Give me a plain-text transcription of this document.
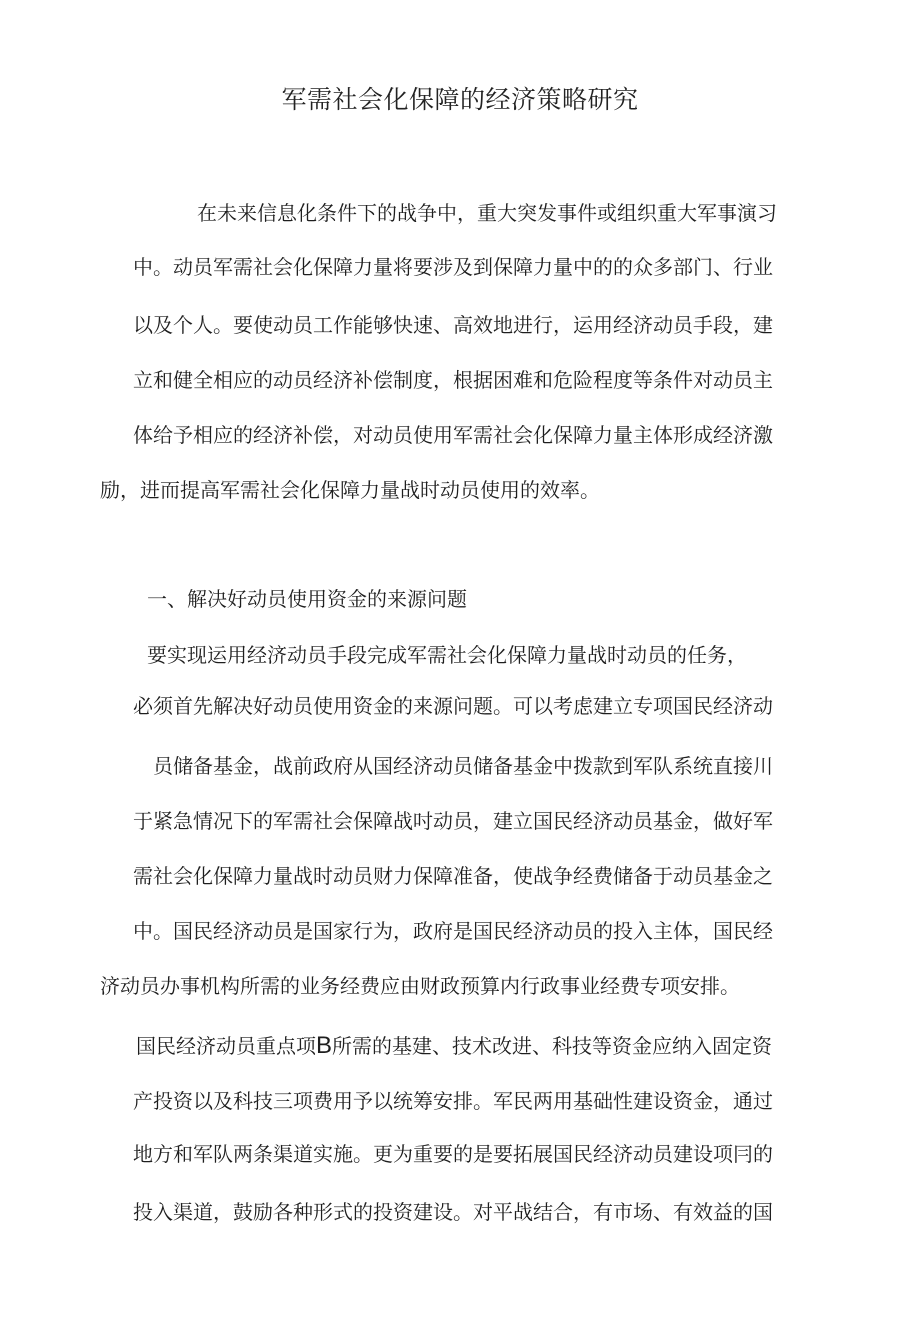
军需社会化保障的经济策略研究
在未来信息化条件下的战争中，重大突发事件或组织重大军事演习
中。动员军需社会化保障力量将要涉及到保障力量中的的众多部门、行业
以及个人。要使动员工作能够快速、高效地进行，运用经济动员手段，建
立和健全相应的动员经济补偿制度，根据困难和危险程度等条件对动员主
体给予相应的经济补偿，对动员使用军需社会化保障力量主体形成经济激
励，进而提高军需社会化保障力量战时动员使用的效率。
一、解决好动员使用资金的来源问题
要实现运用经济动员手段完成军需社会化保障力量战时动员的任务，
必须首先解决好动员使用资金的来源问题。可以考虑建立专项国民经济动
员储备基金，战前政府从国经济动员储备基金中拨款到军队系统直接川
于紧急情况下的军需社会保障战吋动员，建立国民经济动员基金，做好军
需社会化保障力量战时动员财力保障准备，使战争经费储备于动员基金之
中。国民经济动员是国家行为，政府是国民经济动员的投入主体，国民经
济动员办事机构所需的业务经费应由财政预算内行政事业经费专项安排。
国民经济动员重点项B所需的基建、技术改进、科技等资金应纳入固定资
产投资以及科技三项费用予以统筹安排。军民两用基础性建设资金，通过
地方和军队两条渠道实施。更为重要的是要拓展国民经济动员建设项冃的
投入渠道，鼓励各种形式的投资建设。对平战结合，有市场、有效益的国
